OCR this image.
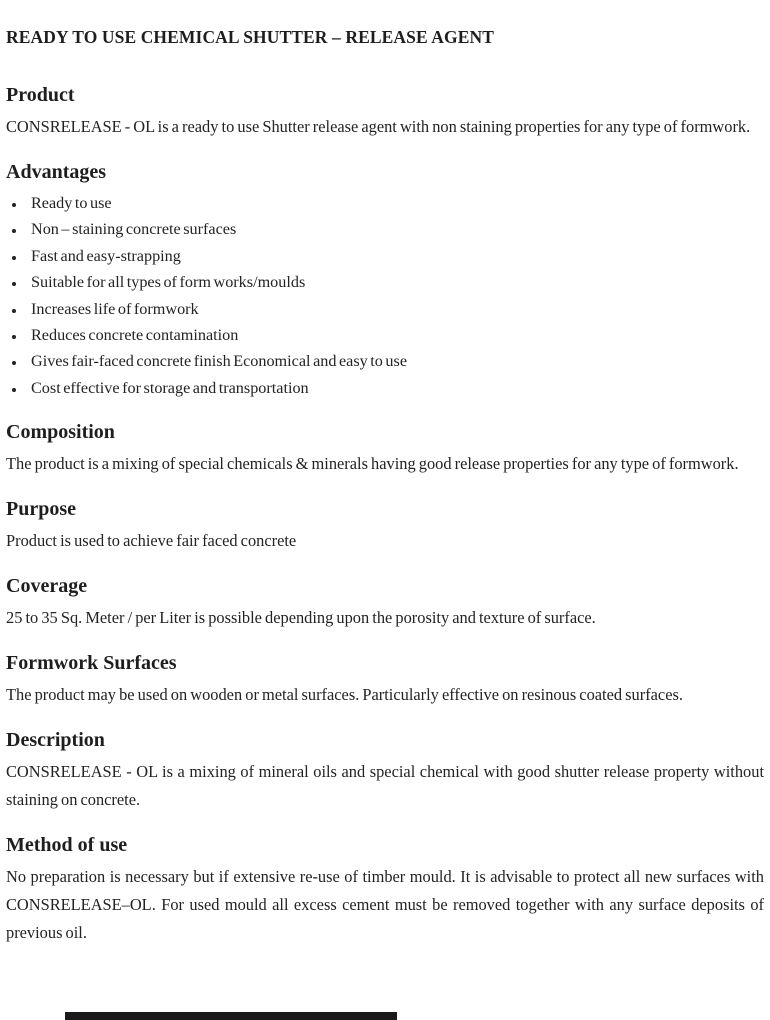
READY TO USE CHEMICAL SHUTTER – RELEASE AGENT
Product

CONSRELEASE - OL is a ready to use Shutter release agent with non staining properties for any type of formwork.

Advantages
• Ready to use
• Non – staining concrete surfaces
• Fast and easy-strapping
• Suitable for all types of form works/moulds
• Increases life of formwork
• Reduces concrete contamination
• Gives fair-faced concrete finish Economical and easy to use
• Cost effective for storage and transportation
Composition

The product is a mixing of special chemicals & minerals having good release properties for any type of formwork.

Purpose

Product is used to achieve fair faced concrete

Coverage

25 to 35 Sq. Meter / per Liter is possible depending upon the porosity and texture of surface.

Formwork Surfaces

The product may be used on wooden or metal surfaces. Particularly effective on resinous coated surfaces.

Description

CONSRELEASE - OL is a mixing of mineral oils and special chemical with good shutter release property without staining on concrete.

Method of use

No preparation is necessary but if extensive re-use of timber mould. It is advisable to protect all new surfaces with CONSRELEASE–OL. For used mould all excess cement must be removed together with any surface deposits of previous oil.
